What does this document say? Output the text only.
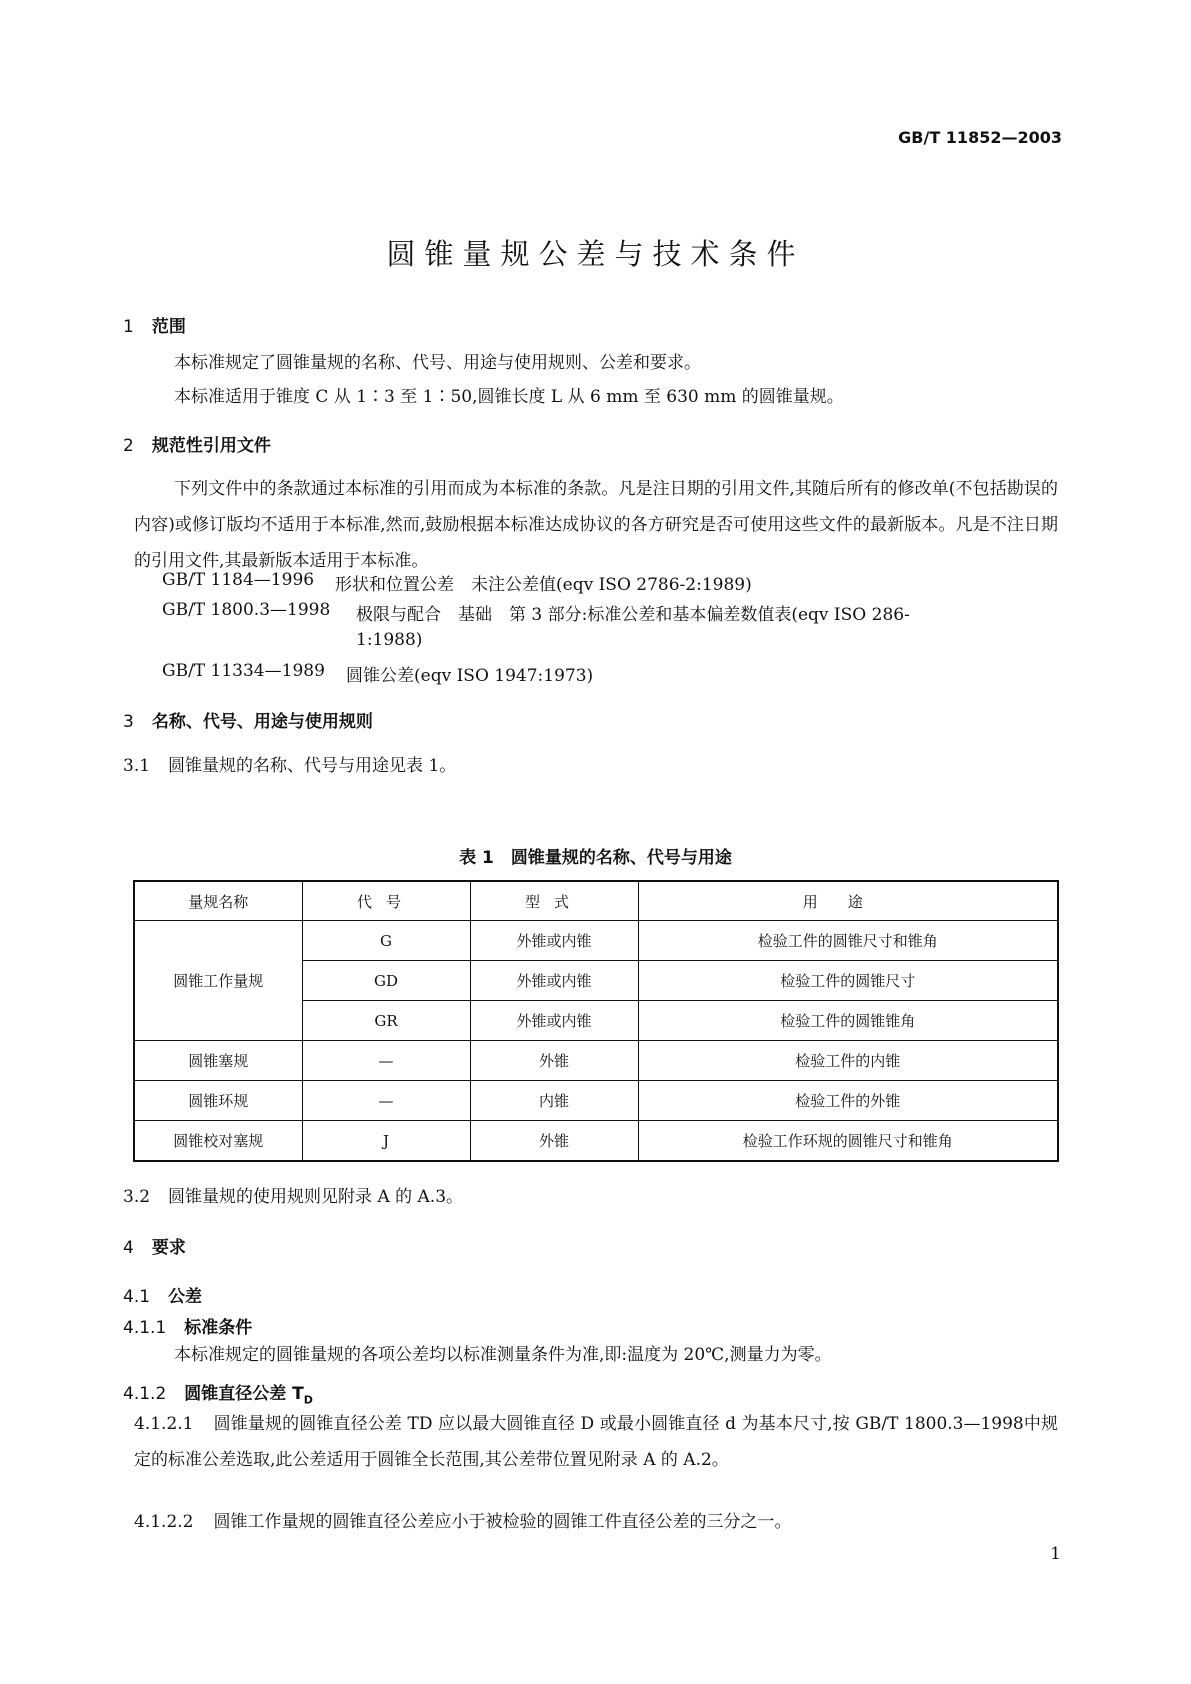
GB/T 11852—2003
圆锥量规公差与技术条件
1 范围
本标准规定了圆锥量规的名称、代号、用途与使用规则、公差和要求。
本标准适用于锥度 C 从 1∶3 至 1∶50,圆锥长度 L 从 6 mm 至 630 mm 的圆锥量规。
2 规范性引用文件
下列文件中的条款通过本标准的引用而成为本标准的条款。凡是注日期的引用文件,其随后所有的修改单(不包括勘误的内容)或修订版均不适用于本标准,然而,鼓励根据本标准达成协议的各方研究是否可使用这些文件的最新版本。凡是不注日期的引用文件,其最新版本适用于本标准。
GB/T 1184—1996 形状和位置公差　未注公差值(eqv ISO 2786-2:1989)
GB/T 1800.3—1998 极限与配合　基础　第 3 部分:标准公差和基本偏差数值表(eqv ISO 286-
1:1988)
GB/T 11334—1989 圆锥公差(eqv ISO 1947:1973)
3 名称、代号、用途与使用规则
3.1 圆锥量规的名称、代号与用途见表 1。
表 1　圆锥量规的名称、代号与用途
量规名称	代号	型式	用途
圆锥工作量规	G	外锥或内锥	检验工件的圆锥尺寸和锥角
	GD	外锥或内锥	检验工件的圆锥尺寸
	GR	外锥或内锥	检验工件的圆锥锥角
圆锥塞规	—	外锥	检验工件的内锥
圆锥环规	—	内锥	检验工件的外锥
圆锥校对塞规	J	外锥	检验工作环规的圆锥尺寸和锥角
3.2 圆锥量规的使用规则见附录 A 的 A.3。
4 要求
4.1 公差
4.1.1 标准条件
本标准规定的圆锥量规的各项公差均以标准测量条件为准,即:温度为 20℃,测量力为零。
4.1.2 圆锥直径公差 $T_D$
4.1.2.1 圆锥量规的圆锥直径公差 TD 应以最大圆锥直径 D 或最小圆锥直径 d 为基本尺寸,按 GB/T 1800.3—1998中规定的标准公差选取,此公差适用于圆锥全长范围,其公差带位置见附录 A 的 A.2。
4.1.2.2 圆锥工作量规的圆锥直径公差应小于被检验的圆锥工件直径公差的三分之一。
1
